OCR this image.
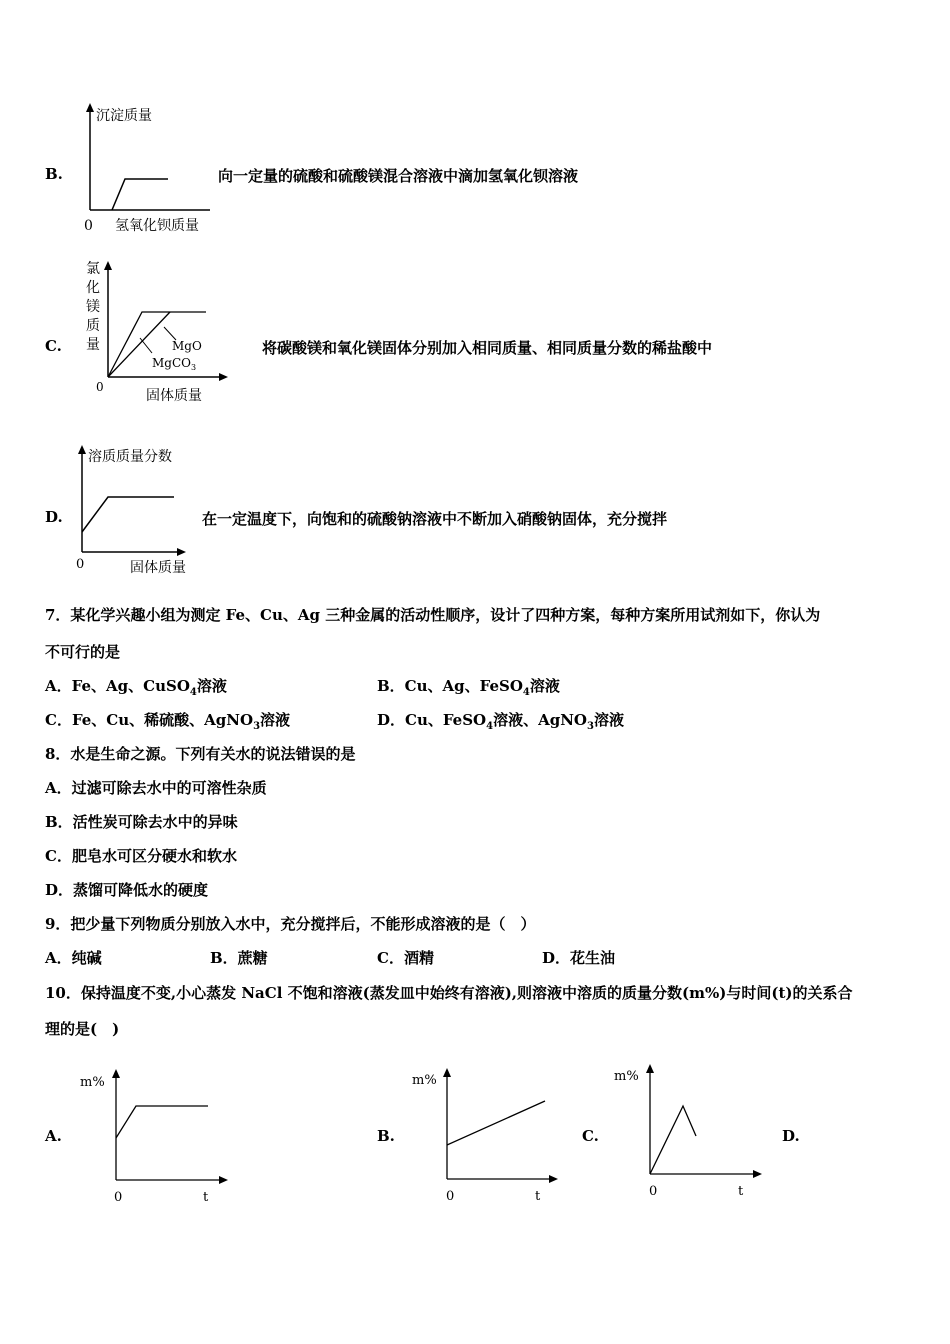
B.
沉淀质量
0 氢氧化钡质量
向一定量的硫酸和硫酸镁混合溶液中滴加氢氧化钡溶液
C.
氯
化
镁
质
量	MgO
MgCO$_3$
0
固体质量
将碳酸镁和氧化镁固体分别加入相同质量、相同质量分数的稀盐酸中
D.
溶质质量分数
0	固体质量
在一定温度下，向饱和的硫酸钠溶液中不断加入硝酸钠固体，充分搅拌
7．某化学兴趣小组为测定 Fe、Cu、Ag 三种金属的活动性顺序，设计了四种方案，每种方案所用试剂如下，你认为
不可行的是
A．Fe、Ag、CuSO$_4$溶液	B．Cu、Ag、FeSO$_4$溶液
C．Fe、Cu、稀硫酸、AgNO$_3$溶液	D．Cu、FeSO$_4$溶液、AgNO$_3$溶液
8．水是生命之源。下列有关水的说法错误的是
A．过滤可除去水中的可溶性杂质
B．活性炭可除去水中的异味
C．肥皂水可区分硬水和软水
D．蒸馏可降低水的硬度
9．把少量下列物质分别放入水中，充分搅拌后，不能形成溶液的是（　）
A．纯碱	B．蔗糖	C．酒精	D．花生油
10．保持温度不变,小心蒸发 NaCl 不饱和溶液(蒸发皿中始终有溶液),则溶液中溶质的质量分数(m%)与时间(t)的关系合
理的是(　)
A.
m%
0	t
B.
m%
0	t
C.
m%
0	t
D.
